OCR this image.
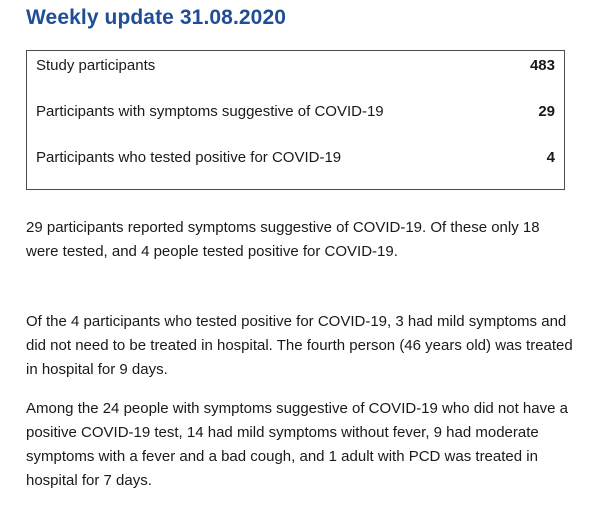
Weekly update 31.08.2020
Study participants	483
Participants with symptoms suggestive of COVID-19	29
Participants who tested positive for COVID-19	4

29 participants reported symptoms suggestive of COVID-19. Of these only 18 were tested, and 4 people tested positive for COVID-19.

Of the 4 participants who tested positive for COVID-19, 3 had mild symptoms and did not need to be treated in hospital. The fourth person (46 years old) was treated in hospital for 9 days.

Among the 24 people with symptoms suggestive of COVID-19 who did not have a positive COVID-19 test, 14 had mild symptoms without fever, 9 had moderate symptoms with a fever and a bad cough, and 1 adult with PCD was treated in hospital for 7 days.
